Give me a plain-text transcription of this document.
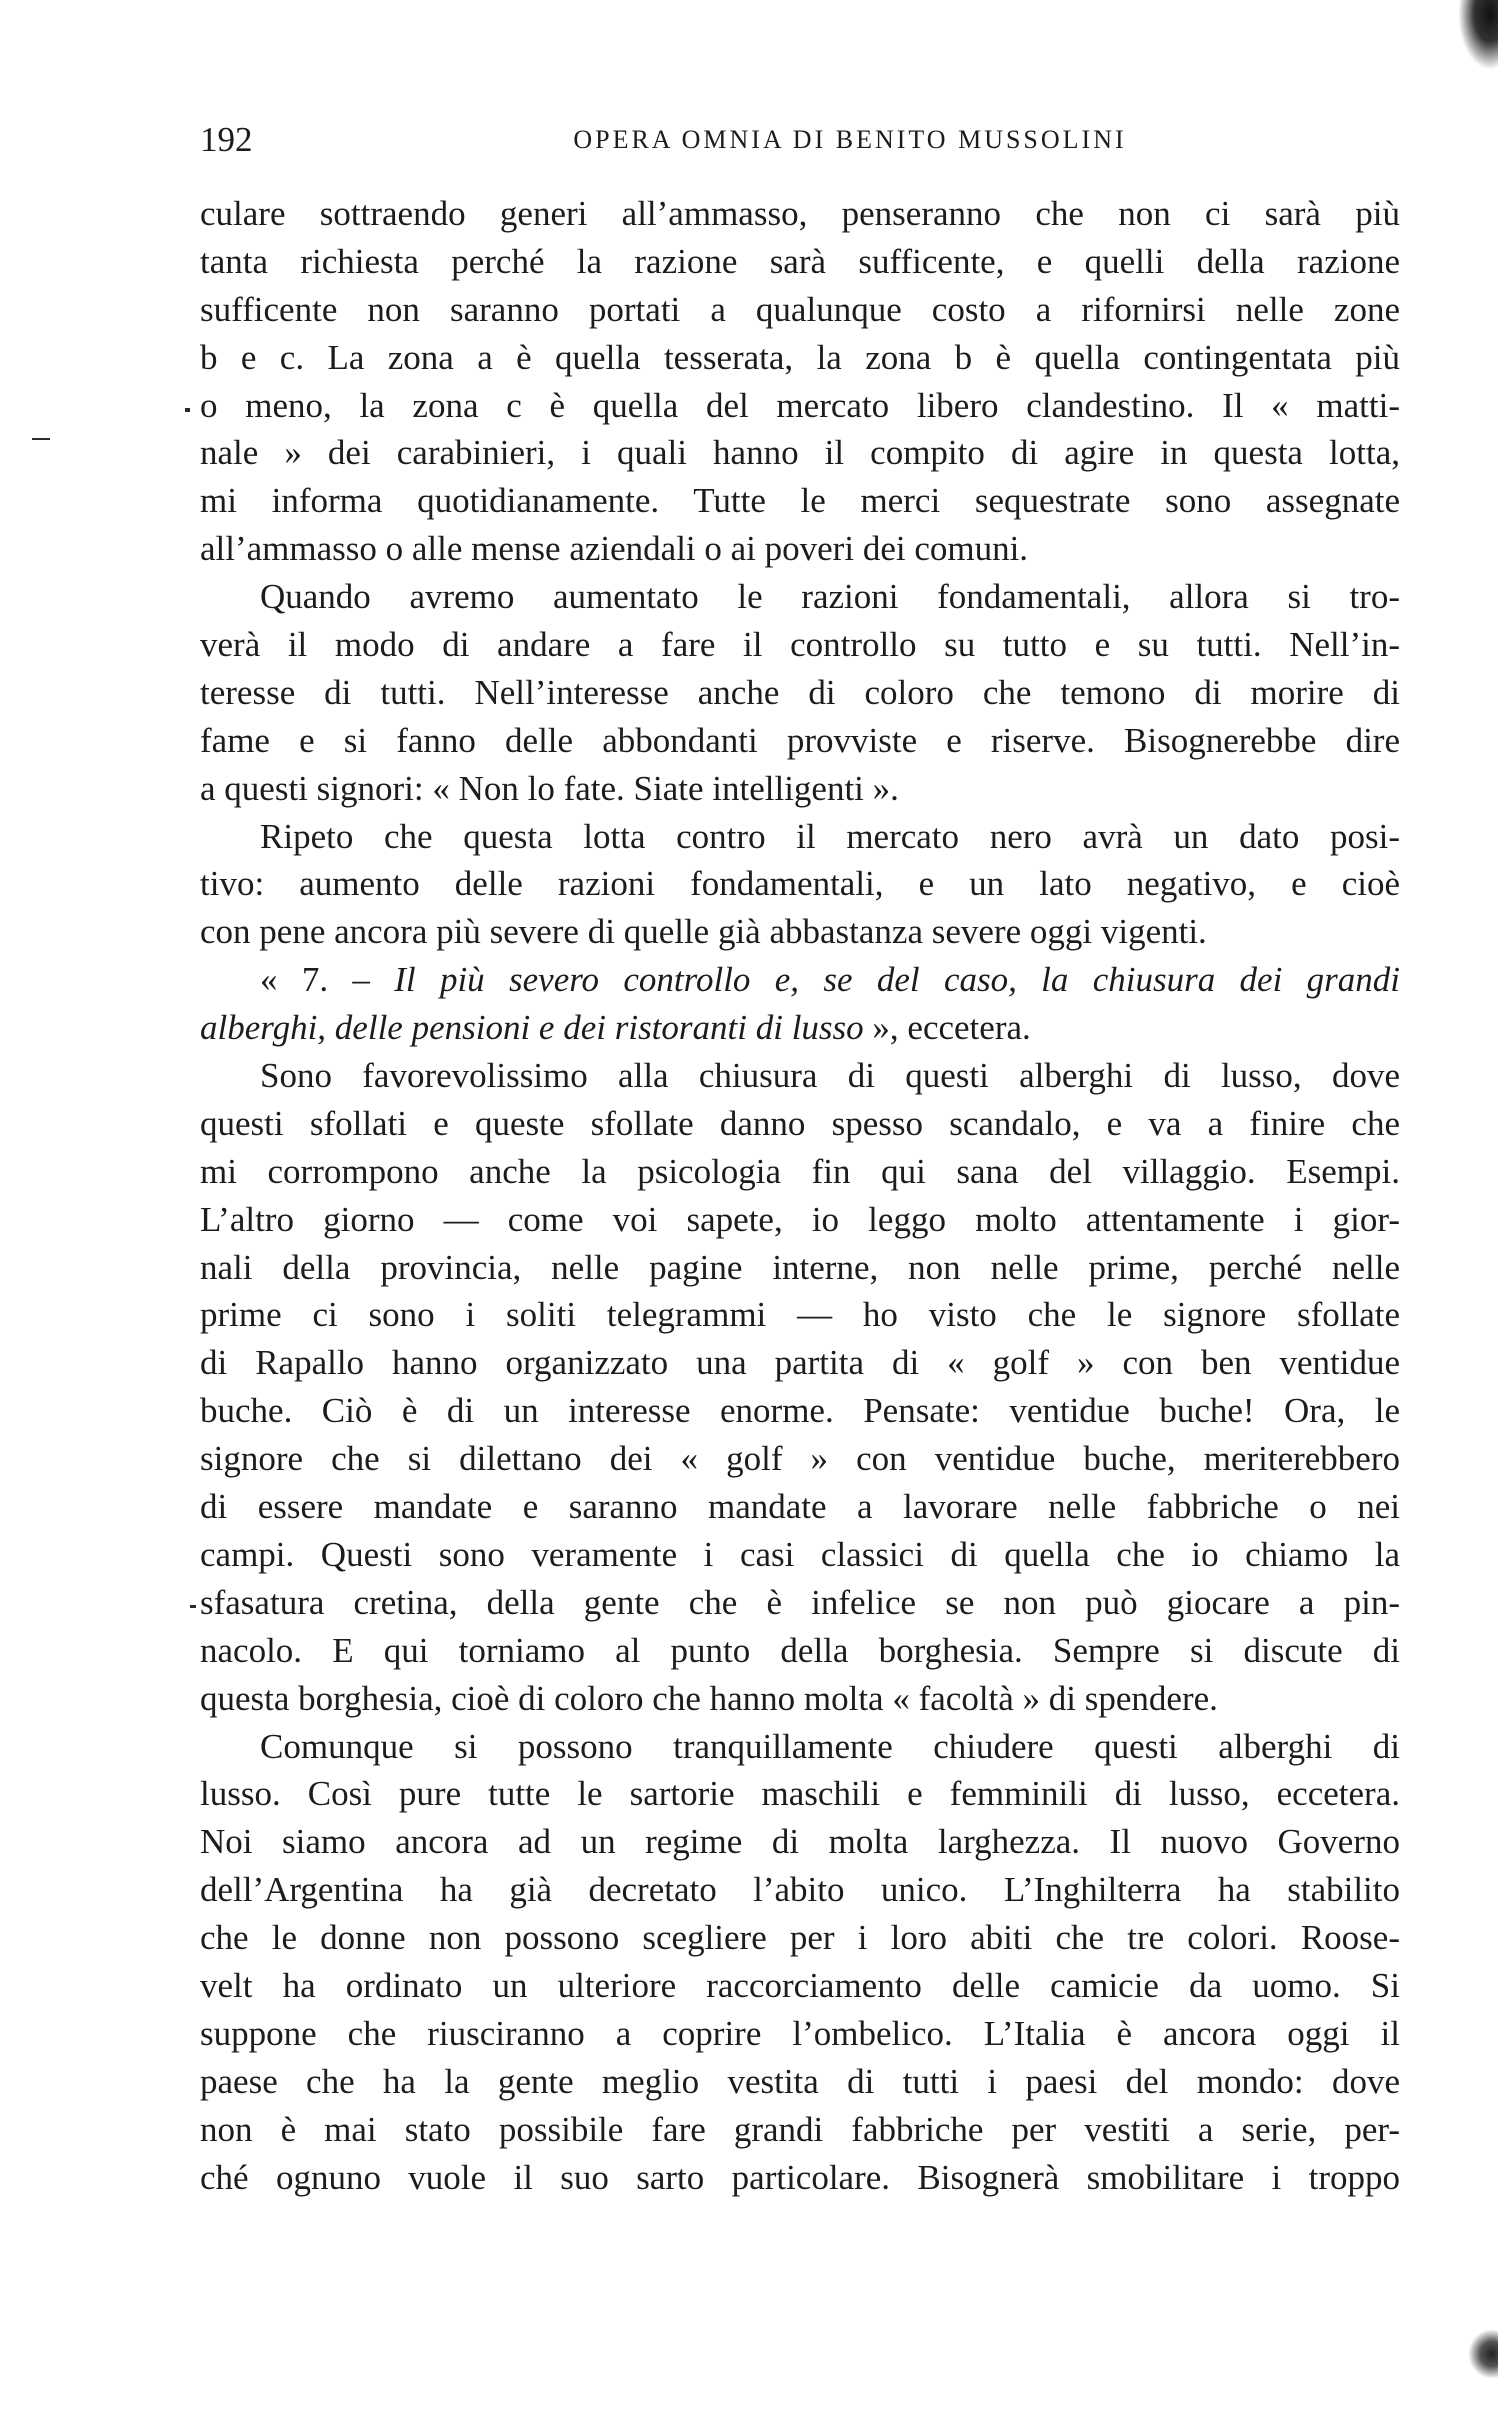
192	OPERA OMNIA DI BENITO MUSSOLINI
culare sottraendo generi all’ammasso, penseranno che non ci sarà più
tanta richiesta perché la razione sarà sufficente, e quelli della razione
sufficente non saranno portati a qualunque costo a rifornirsi nelle zone
b e c. La zona a è quella tesserata, la zona b è quella contingentata più
o meno, la zona c è quella del mercato libero clandestino. Il « matti-
nale » dei carabinieri, i quali hanno il compito di agire in questa lotta,
mi informa quotidianamente. Tutte le merci sequestrate sono assegnate
all’ammasso o alle mense aziendali o ai poveri dei comuni.
Quando avremo aumentato le razioni fondamentali, allora si tro-
verà il modo di andare a fare il controllo su tutto e su tutti. Nell’in-
teresse di tutti. Nell’interesse anche di coloro che temono di morire di
fame e si fanno delle abbondanti provviste e riserve. Bisognerebbe dire
a questi signori: « Non lo fate. Siate intelligenti ».
Ripeto che questa lotta contro il mercato nero avrà un dato posi-
tivo: aumento delle razioni fondamentali, e un lato negativo, e cioè
con pene ancora più severe di quelle già abbastanza severe oggi vigenti.
« 7. – Il più severo controllo e, se del caso, la chiusura dei grandi
alberghi, delle pensioni e dei ristoranti di lusso », eccetera.
Sono favorevolissimo alla chiusura di questi alberghi di lusso, dove
questi sfollati e queste sfollate danno spesso scandalo, e va a finire che
mi corrompono anche la psicologia fin qui sana del villaggio. Esempi.
L’altro giorno — come voi sapete, io leggo molto attentamente i gior-
nali della provincia, nelle pagine interne, non nelle prime, perché nelle
prime ci sono i soliti telegrammi — ho visto che le signore sfollate
di Rapallo hanno organizzato una partita di « golf » con ben ventidue
buche. Ciò è di un interesse enorme. Pensate: ventidue buche! Ora, le
signore che si dilettano dei « golf » con ventidue buche, meriterebbero
di essere mandate e saranno mandate a lavorare nelle fabbriche o nei
campi. Questi sono veramente i casi classici di quella che io chiamo la
sfasatura cretina, della gente che è infelice se non può giocare a pin-
nacolo. E qui torniamo al punto della borghesia. Sempre si discute di
questa borghesia, cioè di coloro che hanno molta « facoltà » di spendere.
Comunque si possono tranquillamente chiudere questi alberghi di
lusso. Così pure tutte le sartorie maschili e femminili di lusso, eccetera.
Noi siamo ancora ad un regime di molta larghezza. Il nuovo Governo
dell’Argentina ha già decretato l’abito unico. L’Inghilterra ha stabilito
che le donne non possono scegliere per i loro abiti che tre colori. Roose-
velt ha ordinato un ulteriore raccorciamento delle camicie da uomo. Si
suppone che riusciranno a coprire l’ombelico. L’Italia è ancora oggi il
paese che ha la gente meglio vestita di tutti i paesi del mondo: dove
non è mai stato possibile fare grandi fabbriche per vestiti a serie, per-
ché ognuno vuole il suo sarto particolare. Bisognerà smobilitare i troppo
